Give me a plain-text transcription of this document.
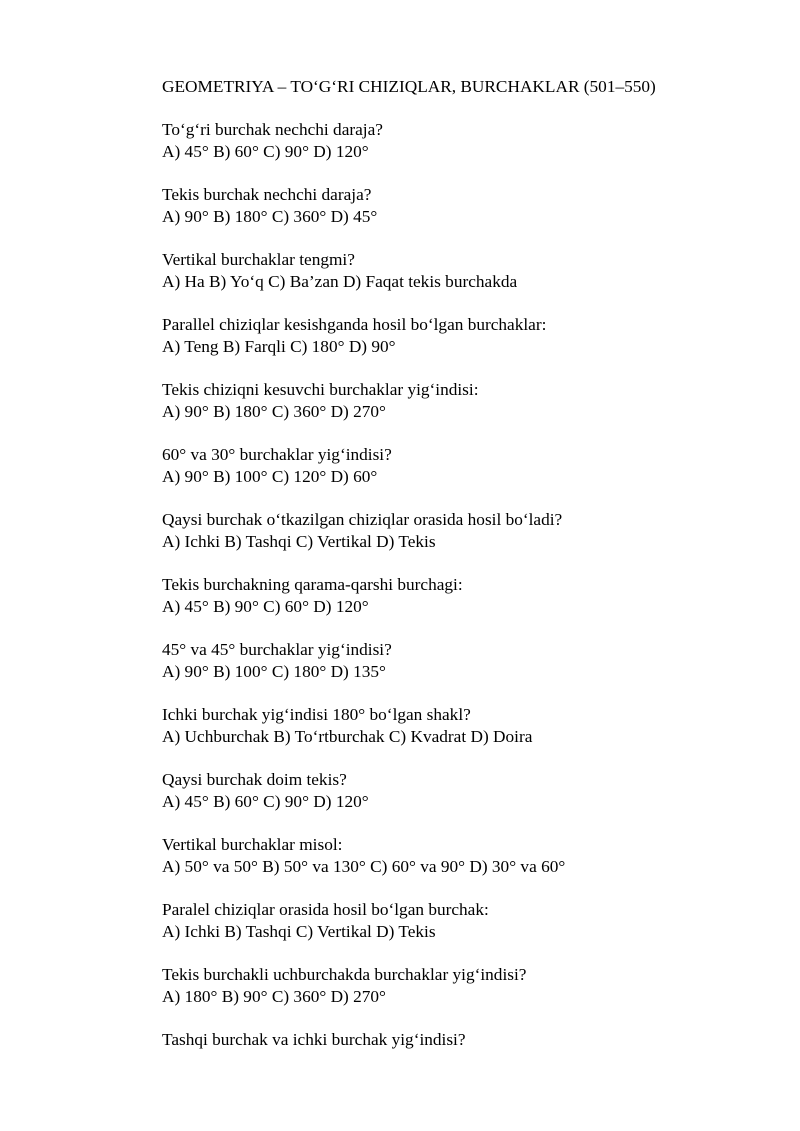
GEOMETRIYA – TO‘G‘RI CHIZIQLAR, BURCHAKLAR (501–550)
To‘g‘ri burchak nechchi daraja?
A) 45° B) 60° C) 90° D) 120°
Tekis burchak nechchi daraja?
A) 90° B) 180° C) 360° D) 45°
Vertikal burchaklar tengmi?
A) Ha B) Yo‘q C) Ba’zan D) Faqat tekis burchakda
Parallel chiziqlar kesishganda hosil bo‘lgan burchaklar:
A) Teng B) Farqli C) 180° D) 90°
Tekis chiziqni kesuvchi burchaklar yig‘indisi:
A) 90° B) 180° C) 360° D) 270°
60° va 30° burchaklar yig‘indisi?
A) 90° B) 100° C) 120° D) 60°
Qaysi burchak o‘tkazilgan chiziqlar orasida hosil bo‘ladi?
A) Ichki B) Tashqi C) Vertikal D) Tekis
Tekis burchakning qarama-qarshi burchagi:
A) 45° B) 90° C) 60° D) 120°
45° va 45° burchaklar yig‘indisi?
A) 90° B) 100° C) 180° D) 135°
Ichki burchak yig‘indisi 180° bo‘lgan shakl?
A) Uchburchak B) To‘rtburchak C) Kvadrat D) Doira
Qaysi burchak doim tekis?
A) 45° B) 60° C) 90° D) 120°
Vertikal burchaklar misol:
A) 50° va 50° B) 50° va 130° C) 60° va 90° D) 30° va 60°
Paralel chiziqlar orasida hosil bo‘lgan burchak:
A) Ichki B) Tashqi C) Vertikal D) Tekis
Tekis burchakli uchburchakda burchaklar yig‘indisi?
A) 180° B) 90° C) 360° D) 270°
Tashqi burchak va ichki burchak yig‘indisi?
